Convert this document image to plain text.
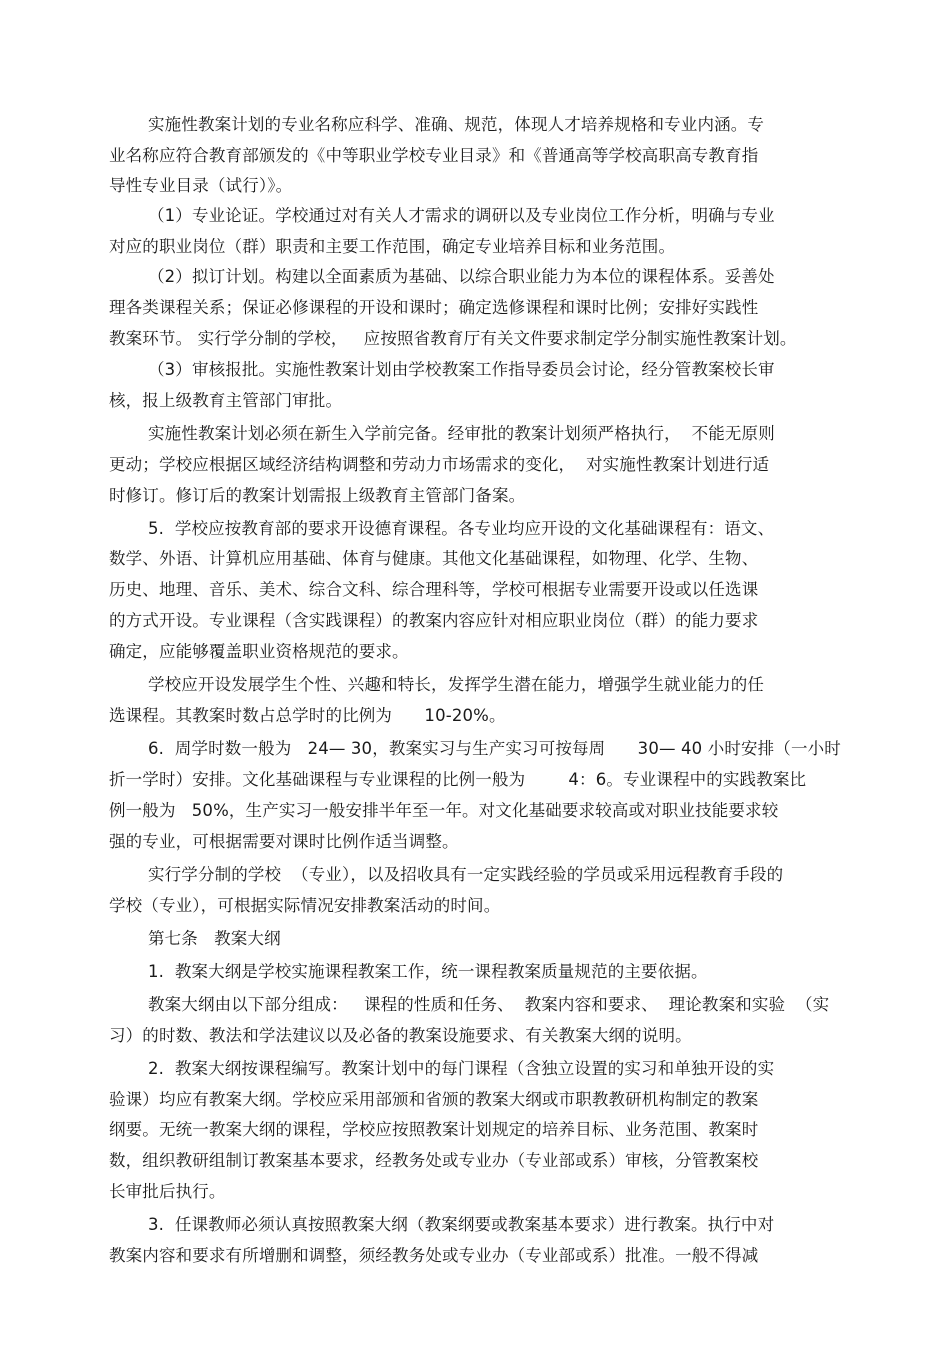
实施性教案计划的专业名称应科学、准确、规范，体现人才培养规格和专业内涵。专
业名称应符合教育部颁发的《中等职业学校专业目录》和《普通高等学校高职高专教育指
导性专业目录（试行）》。
（1）专业论证。学校通过对有关人才需求的调研以及专业岗位工作分析，明确与专业
对应的职业岗位（群）职责和主要工作范围，确定专业培养目标和业务范围。
（2）拟订计划。构建以全面素质为基础、以综合职业能力为本位的课程体系。妥善处
理各类课程关系；保证必修课程的开设和课时；确定选修课程和课时比例；安排好实践性
教案环节。 实行学分制的学校，   应按照省教育厅有关文件要求制定学分制实施性教案计划。
（3）审核报批。实施性教案计划由学校教案工作指导委员会讨论，经分管教案校长审
核，报上级教育主管部门审批。
实施性教案计划必须在新生入学前完备。经审批的教案计划须严格执行，  不能无原则
更动；学校应根据区域经济结构调整和劳动力市场需求的变化，  对实施性教案计划进行适
时修订。修订后的教案计划需报上级教育主管部门备案。
5.  学校应按教育部的要求开设德育课程。各专业均应开设的文化基础课程有：语文、
数学、外语、计算机应用基础、体育与健康。其他文化基础课程，如物理、化学、生物、
历史、地理、音乐、美术、综合文科、综合理科等，学校可根据专业需要开设或以任选课
的方式开设。专业课程（含实践课程）的教案内容应针对相应职业岗位（群）的能力要求
确定，应能够覆盖职业资格规范的要求。
学校应开设发展学生个性、兴趣和特长，发挥学生潜在能力，增强学生就业能力的任
选课程。其教案时数占总学时的比例为      10-20%。
6.  周学时数一般为   24— 30，教案实习与生产实习可按每周      30— 40 小时安排（一小时
折一学时）安排。文化基础课程与专业课程的比例一般为        4：6。专业课程中的实践教案比
例一般为   50%，生产实习一般安排半年至一年。对文化基础要求较高或对职业技能要求较
强的专业，可根据需要对课时比例作适当调整。
实行学分制的学校  （专业），以及招收具有一定实践经验的学员或采用远程教育手段的
学校（专业），可根据实际情况安排教案活动的时间。
第七条   教案大纲
1.  教案大纲是学校实施课程教案工作，统一课程教案质量规范的主要依据。
教案大纲由以下部分组成：   课程的性质和任务、  教案内容和要求、  理论教案和实验  （实
习）的时数、教法和学法建议以及必备的教案设施要求、有关教案大纲的说明。
2.  教案大纲按课程编写。教案计划中的每门课程（含独立设置的实习和单独开设的实
验课）均应有教案大纲。学校应采用部颁和省颁的教案大纲或市职教教研机构制定的教案
纲要。无统一教案大纲的课程，学校应按照教案计划规定的培养目标、业务范围、教案时
数，组织教研组制订教案基本要求，经教务处或专业办（专业部或系）审核，分管教案校
长审批后执行。
3.  任课教师必须认真按照教案大纲（教案纲要或教案基本要求）进行教案。执行中对
教案内容和要求有所增删和调整，须经教务处或专业办（专业部或系）批准。一般不得减
